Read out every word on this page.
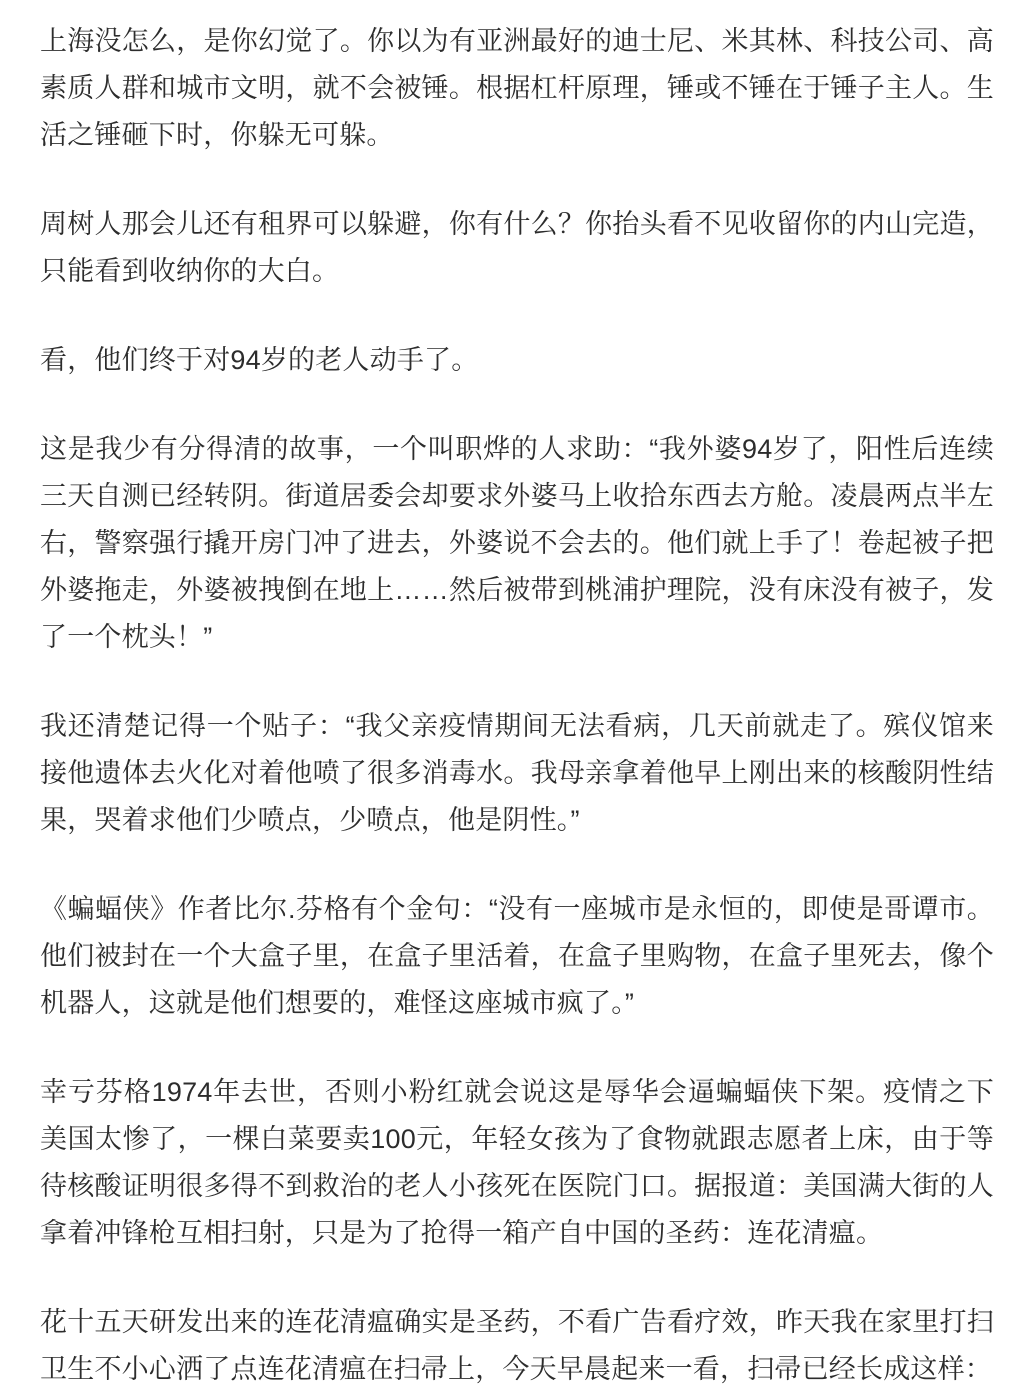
上海没怎么，是你幻觉了。你以为有亚洲最好的迪士尼、米其林、科技公司、高素质人群和城市文明，就不会被锤。根据杠杆原理，锤或不锤在于锤子主人。生活之锤砸下时，你躲无可躲。

周树人那会儿还有租界可以躲避，你有什么？你抬头看不见收留你的内山完造，只能看到收纳你的大白。

看，他们终于对94岁的老人动手了。

这是我少有分得清的故事，一个叫职烨的人求助：“我外婆94岁了，阳性后连续三天自测已经转阴。街道居委会却要求外婆马上收拾东西去方舱。凌晨两点半左右，警察强行撬开房门冲了进去，外婆说不会去的。他们就上手了！卷起被子把外婆拖走，外婆被拽倒在地上……然后被带到桃浦护理院，没有床没有被子，发了一个枕头！”

我还清楚记得一个贴子：“我父亲疫情期间无法看病，几天前就走了。殡仪馆来接他遗体去火化对着他喷了很多消毒水。我母亲拿着他早上刚出来的核酸阴性结果，哭着求他们少喷点，少喷点，他是阴性。”

《蝙蝠侠》作者比尔.芬格有个金句：“没有一座城市是永恒的，即使是哥谭市。他们被封在一个大盒子里，在盒子里活着，在盒子里购物，在盒子里死去，像个机器人，这就是他们想要的，难怪这座城市疯了。”

幸亏芬格1974年去世，否则小粉红就会说这是辱华会逼蝙蝠侠下架。疫情之下美国太惨了，一棵白菜要卖100元，年轻女孩为了食物就跟志愿者上床，由于等待核酸证明很多得不到救治的老人小孩死在医院门口。据报道：美国满大街的人拿着冲锋枪互相扫射，只是为了抢得一箱产自中国的圣药：连花清瘟。

花十五天研发出来的连花清瘟确实是圣药，不看广告看疗效，昨天我在家里打扫卫生不小心洒了点连花清瘟在扫帚上，今天早晨起来一看，扫帚已经长成这样：
